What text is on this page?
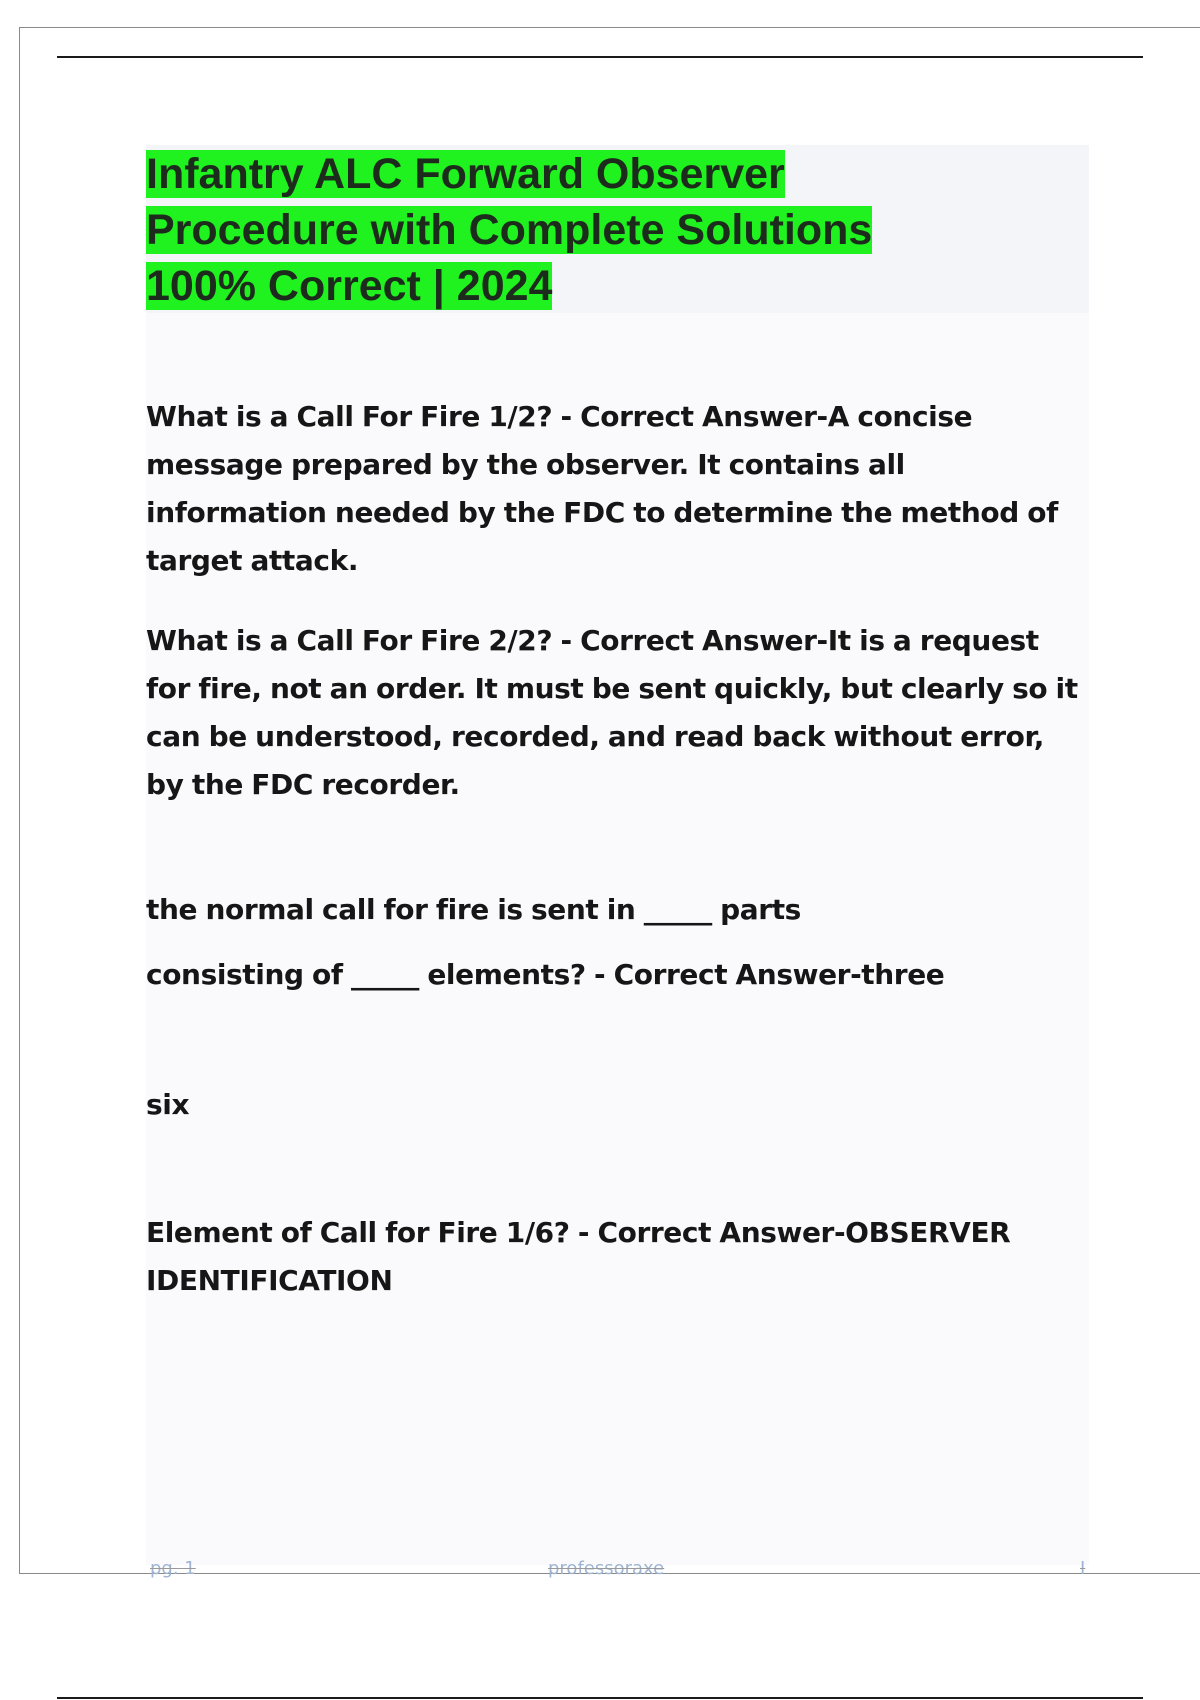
Infantry ALC Forward Observer
Procedure with Complete Solutions
100% Correct | 2024

What is a Call For Fire 1/2? - Correct Answer-A concise message prepared by the observer. It contains all information needed by the FDC to determine the method of target attack.

What is a Call For Fire 2/2? - Correct Answer-It is a request for fire, not an order. It must be sent quickly, but clearly so it can be understood, recorded, and read back without error, by the FDC recorder.

the normal call for fire is sent in _____ parts

consisting of _____ elements? - Correct Answer-three

six

Element of Call for Fire 1/6? - Correct Answer-OBSERVER IDENTIFICATION

pg. 1	professoraxe	I
